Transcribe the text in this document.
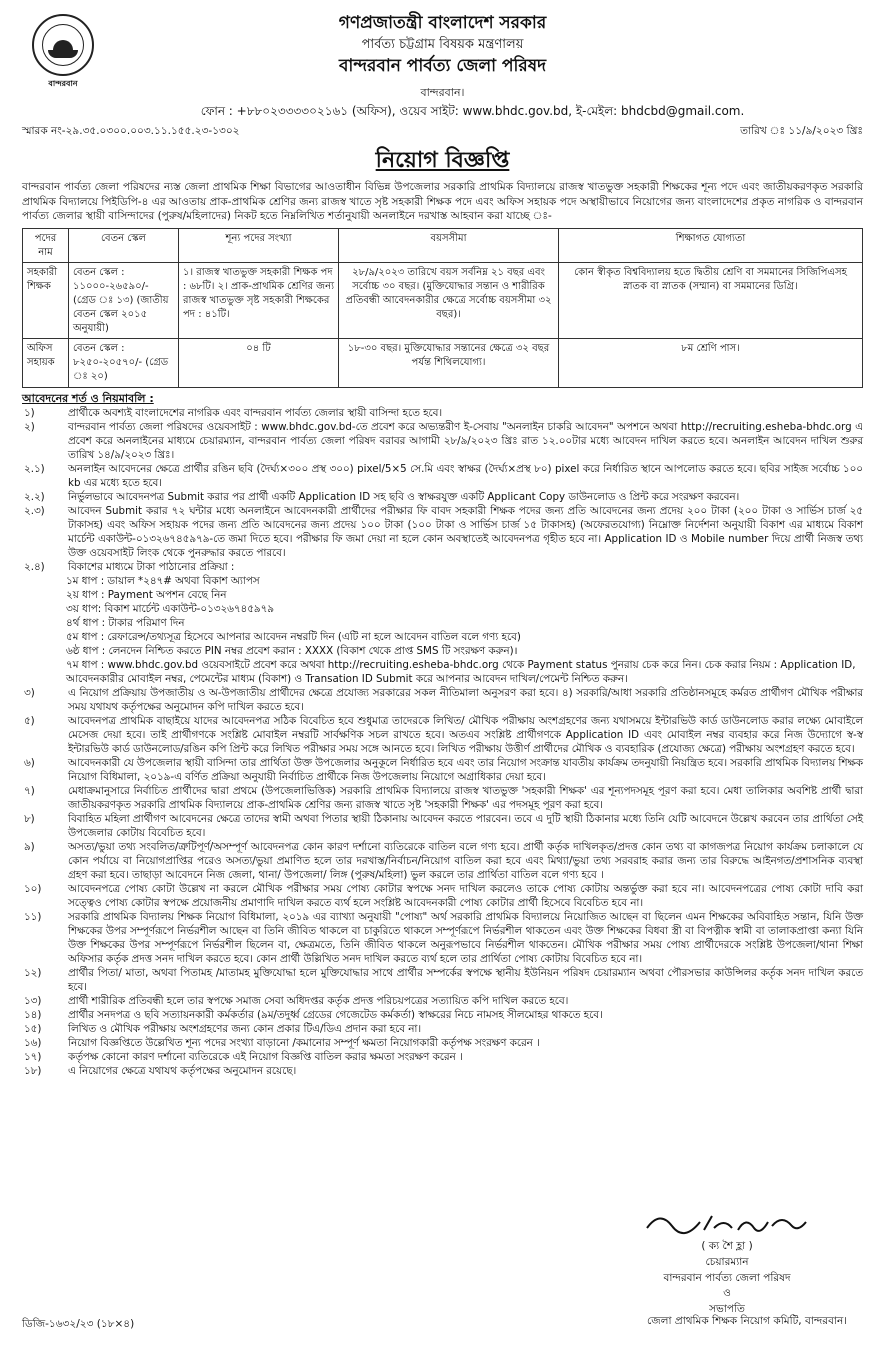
বান্দরবান
গণপ্রজাতন্ত্রী বাংলাদেশ সরকার
পার্বত্য চট্টগ্রাম বিষয়ক মন্ত্রণালয়
বান্দরবান পার্বত্য জেলা পরিষদ
বান্দরবান।
ফোন : +৮৮০২৩৩৩৩০২১৬১ (অফিস), ওয়েব সাইট: www.bhdc.gov.bd, ই-মেইল: bhdcbd@gmail.com.
স্মারক নং-২৯.৩৫.০৩০০.০০৩.১১.১৫৫.২৩-১৩০২	তারিখ ঃ ১১/৯/২০২৩ খ্রিঃ
নিয়োগ বিজ্ঞপ্তি
বান্দরবান পার্বত্য জেলা পরিষদের ন্যস্ত জেলা প্রাথমিক শিক্ষা বিভাগের আওতাধীন বিভিন্ন উপজেলার সরকারি প্রাথমিক বিদ্যালয়ে রাজস্ব খাতভুক্ত সহকারী শিক্ষকের শূন্য পদে এবং জাতীয়করণকৃত সরকারি প্রাথমিক বিদ্যালয়ে পিইডিপি-৪ এর আওতায় প্রাক-প্রাথমিক শ্রেণির জন্য রাজস্ব খাতে সৃষ্ট সহকারী শিক্ষক পদে এবং অফিস সহায়ক পদে অস্থায়ীভাবে নিয়োগের জন্য বাংলাদেশের প্রকৃত নাগরিক ও বান্দরবান পার্বত্য জেলার স্থায়ী বাসিন্দাদের (পুরুষ/মহিলাদের) নিকট হতে নিম্নলিখিত শর্তানুযায়ী অনলাইনে দরখাস্ত আহবান করা যাচ্ছে ঃ-
পদের নাম	বেতন স্কেল	শূন্য পদের সংখ্যা	বয়সসীমা	শিক্ষাগত যোগ্যতা
সহকারী শিক্ষক	বেতন স্কেল : ১১০০০-২৬৫৯০/- (গ্রেড ঃ ১৩) (জাতীয় বেতন স্কেল ২০১৫ অনুযায়ী)	১। রাজস্ব খাতভুক্ত সহকারী শিক্ষক পদ : ৬৮টি। ২। প্রাক-প্রাথমিক শ্রেণির জন্য রাজস্ব খাতভুক্ত সৃষ্ট সহকারী শিক্ষকের পদ : ৪১টি।	২৮/৯/২০২৩ তারিখে বয়স সর্বনিম্ন ২১ বছর এবং সর্বোচ্চ ৩০ বছর। (মুক্তিযোদ্ধার সন্তান ও শারীরিক প্রতিবন্ধী আবেদনকারীর ক্ষেত্রে সর্বোচ্চ বয়সসীমা ৩২ বছর)।	কোন স্বীকৃত বিশ্ববিদ্যালয় হতে দ্বিতীয় শ্রেণি বা সমমানের সিজিপিএসহ স্নাতক বা স্নাতক (সম্মান) বা সমমানের ডিগ্রি।
অফিস সহায়ক	বেতন স্কেল : ৮২৫০-২০৫৭০/- (গ্রেড ঃ ২০)	০৪ টি	১৮-৩০ বছর। মুক্তিযোদ্ধার সন্তানের ক্ষেত্রে ৩২ বছর পর্যন্ত শিথিলযোগ্য।	৮ম শ্রেণি পাস।
আবেদনের শর্ত ও নিয়মাবলি :
১)	প্রার্থীকে অবশ্যই বাংলাদেশের নাগরিক এবং বান্দরবান পার্বত্য জেলার স্থায়ী বাসিন্দা হতে হবে।
২)	বান্দরবান পার্বত্য জেলা পরিষদের ওয়েবসাইট : www.bhdc.gov.bd-তে প্রবেশ করে অভ্যন্তরীণ ই-সেবায় "অনলাইন চাকরি আবেদন" অপশনে অথবা http://recruiting.esheba-bhdc.org এ প্রবেশ করে অনলাইনের মাধ্যমে চেয়ারম্যান, বান্দরবান পার্বত্য জেলা পরিষদ বরাবর আগামী ২৮/৯/২০২৩ খ্রিঃ রাত ১২.০০টার মধ্যে আবেদন দাখিল করতে হবে। অনলাইন আবেদন দাখিল শুরুর তারিখ ১৪/৯/২০২৩ খ্রিঃ।
২.১)	অনলাইন আবেদনের ক্ষেত্রে প্রার্থীর রঙিন ছবি (দৈর্ঘ্য×৩০০ প্রস্থ ৩০০) pixel/5×5 সে.মি এবং স্বাক্ষর (দৈর্ঘ্য×প্রস্থ ৮০) pixel করে নির্ধারিত স্থানে আপলোড করতে হবে। ছবির সাইজ সর্বোচ্চ ১০০ kb এর মধ্যে হতে হবে।
২.২)	নির্ভুলভাবে আবেদনপত্র Submit করার পর প্রার্থী একটি Application ID সহ ছবি ও স্বাক্ষরযুক্ত একটি Applicant Copy ডাউনলোড ও প্রিন্ট করে সংরক্ষণ করবেন।
২.৩)	আবেদন Submit করার ৭২ ঘন্টার মধ্যে অনলাইনে আবেদনকারী প্রার্থীদের পরীক্ষার ফি বাবদ সহকারী শিক্ষক পদের জন্য প্রতি আবেদনের জন্য প্রদেয় ২০০ টাকা (২০০ টাকা ও সার্ভিস চার্জ ২৫ টাকাসহ) এবং অফিস সহায়ক পদের জন্য প্রতি আবেদনের জন্য প্রদেয় ১০০ টাকা (১০০ টাকা ও সার্ভিস চার্জ ১৫ টাকাসহ) (অফেরতযোগ্য) নিম্নোক্ত নির্দেশনা অনুযায়ী বিকাশ এর মাধ্যমে বিকাশ মার্চেন্ট একাউন্ট-০১৩২৬৭৪৫৯৭৯-তে জমা দিতে হবে। পরীক্ষার ফি জমা দেয়া না হলে কোন অবস্থাতেই আবেদনপত্র গৃহীত হবে না। Application ID ও Mobile number দিয়ে প্রার্থী নিজস্ব তথ্য উক্ত ওয়েবসাইট লিংক থেকে পুনরুদ্ধার করতে পারবে।
২.৪)	বিকাশের মাধ্যমে টাকা পাঠানোর প্রক্রিয়া :
১ম ধাপ : ডায়াল *২৪৭# অথবা বিকাশ অ্যাপস
২য় ধাপ : Payment অপশন বেছে নিন
৩য় ধাপ: বিকাশ মার্চেন্ট একাউন্ট-০১৩২৬৭৪৫৯৭৯
৪র্থ ধাপ : টাকার পরিমাণ দিন
৫ম ধাপ : রেফারেন্স/তথ্যসূত্র হিসেবে আপনার আবেদন নম্বরটি দিন (এটি না হলে আবেদন বাতিল বলে গণ্য হবে)
৬ষ্ঠ ধাপ : লেনদেন নিশ্চিত করতে PIN নম্বর প্রবেশ করান : XXXX (বিকাশ থেকে প্রাপ্ত SMS টি সংরক্ষণ করুন)।
৭ম ধাপ : www.bhdc.gov.bd ওয়েবসাইটে প্রবেশ করে অথবা http://recruiting.esheba-bhdc.org থেকে Payment status পুনরায় চেক করে নিন। চেক করার নিয়ম : Application ID, আবেদনকারীর মোবাইল নম্বর, পেমেন্টের মাধ্যম (বিকাশ) ও Transation ID Submit করে আপনার আবেদন দাখিল/পেমেন্ট নিশ্চিত করুন।
৩)	এ নিয়োগ প্রক্রিয়ায় উপজাতীয় ও অ-উপজাতীয় প্রার্থীদের ক্ষেত্রে প্রযোজ্য সরকারের সকল নীতিমালা অনুসরণ করা হবে। ৪) সরকারি/আধা সরকারি প্রতিষ্ঠানসমূহে কর্মরত প্রার্থীগণ মৌখিক পরীক্ষার সময় যথাযথ কর্তৃপক্ষের অনুমোদন কপি দাখিল করতে হবে।
৫)	আবেদনপত্র প্রাথমিক বাছাইয়ে যাদের আবেদনপত্র সঠিক বিবেচিত হবে শুধুমাত্র তাদেরকে লিখিত/ মৌখিক পরীক্ষায় অংশগ্রহণের জন্য যথাসময়ে ইন্টারভিউ কার্ড ডাউনলোড করার লক্ষ্যে মোবাইলে মেসেজ দেয়া হবে। তাই প্রার্থীগণকে সংশ্লিষ্ট মোবাইল নম্বরটি সার্বক্ষণিক সচল রাখতে হবে। অতএব সংশ্লিষ্ট প্রার্থীগণকে Application ID এবং মোবাইল নম্বর ব্যবহার করে নিজ উদ্যোগে স্ব-স্ব ইন্টারভিউ কার্ড ডাউনলোড/রঙিন কপি প্রিন্ট করে লিখিত পরীক্ষার সময় সঙ্গে আনতে হবে। লিখিত পরীক্ষায় উত্তীর্ণ প্রার্থীদের মৌখিক ও ব্যবহারিক (প্রযোজ্য ক্ষেত্রে) পরীক্ষায় অংশগ্রহণ করতে হবে।
৬)	আবেদনকারী যে উপজেলার স্থায়ী বাসিন্দা তার প্রার্থিতা উক্ত উপজেলার অনুকূলে নির্ধারিত হবে এবং তার নিয়োগ সংক্রান্ত যাবতীয় কার্যক্রম তদনুযায়ী নিয়ন্ত্রিত হবে। সরকারি প্রাথমিক বিদ্যালয় শিক্ষক নিয়োগ বিধিমালা, ২০১৯-এ বর্ণিত প্রক্রিয়া অনুযায়ী নির্বাচিত প্রার্থীকে নিজ উপজেলায় নিয়োগে অগ্রাধিকার দেয়া হবে।
৭)	মেধাক্রমানুসারে নির্বাচিত প্রার্থীদের দ্বারা প্রথমে (উপজেলাভিত্তিক) সরকারি প্রাথমিক বিদ্যালয়ে রাজস্ব খাতভুক্ত 'সহকারী শিক্ষক' এর শূন্যপদসমূহ পূরণ করা হবে। মেধা তালিকার অবশিষ্ট প্রার্থী দ্বারা জাতীয়করণকৃত সরকারি প্রাথমিক বিদ্যালয়ে প্রাক-প্রাথমিক শ্রেণির জন্য রাজস্ব খাতে সৃষ্ট 'সহকারী শিক্ষক' এর পদসমূহ পূরণ করা হবে।
৮)	বিবাহিত মহিলা প্রার্থীগণ আবেদনের ক্ষেত্রে তাদের স্বামী অথবা পিতার স্থায়ী ঠিকানায় আবেদন করতে পারবেন। তবে এ দুটি স্থায়ী ঠিকানার মধ্যে তিনি যেটি আবেদনে উল্লেখ করবেন তার প্রার্থিতা সেই উপজেলার কোটায় বিবেচিত হবে।
৯)	অসত্য/ভুয়া তথ্য সংবলিত/ত্রুটিপূর্ণ/অসম্পূর্ণ আবেদনপত্র কোন কারণ দর্শানো ব্যতিরেকে বাতিল বলে গণ্য হবে। প্রার্থী কর্তৃক দাখিলকৃত/প্রদত্ত কোন তথ্য বা কাগজপত্র নিয়োগ কার্যক্রম চলাকালে যে কোন পর্যায়ে বা নিয়োগপ্রাপ্তির পরেও অসত্য/ভুয়া প্রমাণিত হলে তার দরখাস্ত/নির্বাচন/নিয়োগ বাতিল করা হবে এবং মিথ্যা/ভুয়া তথ্য সরবরাহ করার জন্য তার বিরুদ্ধে আইনগত/প্রশাসনিক ব্যবস্থা গ্রহণ করা হবে। তাছাড়া আবেদনে নিজ জেলা, থানা/ উপজেলা/ লিঙ্গ (পুরুষ/মহিলা) ভুল করলে তার প্রার্থিতা বাতিল বলে গণ্য হবে ।
১০)	আবেদনপত্রে পোষ্য কোটা উল্লেখ না করলে মৌখিক পরীক্ষার সময় পোষ্য কোটার স্বপক্ষে সনদ দাখিল করলেও তাকে পোষ্য কোটায় অন্তর্ভুক্ত করা হবে না। আবেদনপত্রের পোষ্য কোটা দাবি করা সত্ত্বেও পোষ্য কোটার স্বপক্ষে প্রয়োজনীয় প্রমাণাদি দাখিল করতে ব্যর্থ হলে সংশ্লিষ্ট আবেদনকারী পোষ্য কোটার প্রার্থী হিসেবে বিবেচিত হবে না।
১১)	সরকারি প্রাথমিক বিদ্যালয় শিক্ষক নিয়োগ বিধিমালা, ২০১৯ এর ব্যাখ্যা অনুযায়ী "পোষ্য" অর্থ সরকারি প্রাথমিক বিদ্যালয়ে নিয়োজিত আছেন বা ছিলেন এমন শিক্ষকের অবিবাহিত সন্তান, যিনি উক্ত শিক্ষকের উপর সম্পূর্ণরূপে নির্ভরশীল আছেন বা তিনি জীবিত থাকলে বা চাকুরিতে থাকলে সম্পূর্ণরূপে নির্ভরশীল থাকতেন এবং উক্ত শিক্ষকের বিধবা স্ত্রী বা বিপত্নীক স্বামী বা তালাকপ্রাপ্তা কন্যা যিনি উক্ত শিক্ষকের উপর সম্পূর্ণরূপে নির্ভরশীল ছিলেন বা, ক্ষেত্রমতে, তিনি জীবিত থাকলে অনুরূপভাবে নির্ভরশীল থাকতেন। মৌখিক পরীক্ষার সময় পোষ্য প্রার্থীদেরকে সংশ্লিষ্ট উপজেলা/থানা শিক্ষা অফিসার কর্তৃক প্রদত্ত সনদ দাখিল করতে হবে। কোন প্রার্থী উল্লিখিত সনদ দাখিল করতে ব্যর্থ হলে তার প্রার্থিতা পোষ্য কোটায় বিবেচিত হবে না।
১২)	প্রার্থীর পিতা/ মাতা, অথবা পিতামহ /মাতামহ মুক্তিযোদ্ধা হলে মুক্তিযোদ্ধার সাথে প্রার্থীর সম্পর্কের স্বপক্ষে স্থানীয় ইউনিয়ন পরিষদ চেয়ারম্যান অথবা পৌরসভার কাউন্সিলর কর্তৃক সনদ দাখিল করতে হবে।
১৩)	প্রার্থী শারীরিক প্রতিবন্ধী হলে তার স্বপক্ষে সমাজ সেবা অধিদপ্তর কর্তৃক প্রদত্ত পরিচয়পত্রের সত্যায়িত কপি দাখিল করতে হবে।
১৪)	প্রার্থীর সনদপত্র ও ছবি সত্যায়নকারী কর্মকর্তার (৯ম/তদুর্ধ্ব গ্রেডের গেজেটেড কর্মকর্তা) স্বাক্ষরের নিচে নামসহ সীলমোহর থাকতে হবে।
১৫)	লিখিত ও মৌখিক পরীক্ষায় অংশগ্রহণের জন্য কোন প্রকার টিএ/ডিএ প্রদান করা হবে না।
১৬)	নিয়োগ বিজ্ঞপ্তিতে উল্লেখিত শূন্য পদের সংখ্যা বাড়ানো /কমানোর সম্পূর্ণ ক্ষমতা নিয়োগকারী কর্তৃপক্ষ সংরক্ষণ করেন ।
১৭)	কর্তৃপক্ষ কোনো কারণ দর্শানো ব্যতিরেকে এই নিয়োগ বিজ্ঞপ্তি বাতিল করার ক্ষমতা সংরক্ষণ করেন ।
১৮)	এ নিয়োগের ক্ষেত্রে যথাযথ কর্তৃপক্ষের অনুমোদন রয়েছে।
( ক্য শৈ হ্লা )
চেয়ারম্যান
বান্দরবান পার্বত্য জেলা পরিষদ
ও
সভাপতি
ডিজি-১৬৩২/২৩ (১৮×৪)	জেলা প্রাথমিক শিক্ষক নিয়োগ কমিটি, বান্দরবান।
